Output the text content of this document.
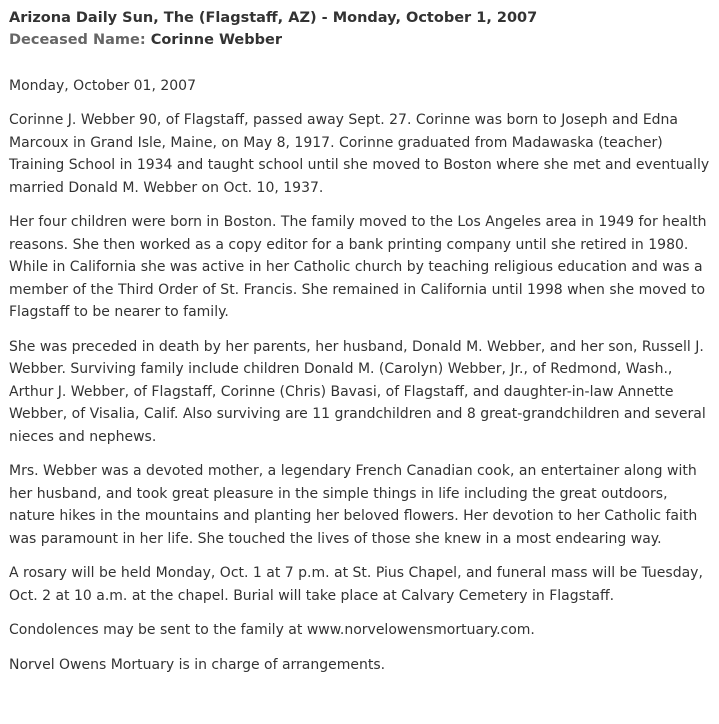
Arizona Daily Sun, The (Flagstaff, AZ) - Monday, October 1, 2007
Deceased Name: Corinne Webber
Monday, October 01, 2007

Corinne J. Webber 90, of Flagstaff, passed away Sept. 27. Corinne was born to Joseph and Edna Marcoux in Grand Isle, Maine, on May 8, 1917. Corinne graduated from Madawaska (teacher) Training School in 1934 and taught school until she moved to Boston where she met and eventually married Donald M. Webber on Oct. 10, 1937.

Her four children were born in Boston. The family moved to the Los Angeles area in 1949 for health reasons. She then worked as a copy editor for a bank printing company until she retired in 1980. While in California she was active in her Catholic church by teaching religious education and was a member of the Third Order of St. Francis. She remained in California until 1998 when she moved to Flagstaff to be nearer to family.

She was preceded in death by her parents, her husband, Donald M. Webber, and her son, Russell J. Webber. Surviving family include children Donald M. (Carolyn) Webber, Jr., of Redmond, Wash., Arthur J. Webber, of Flagstaff, Corinne (Chris) Bavasi, of Flagstaff, and daughter-in-law Annette Webber, of Visalia, Calif. Also surviving are 11 grandchildren and 8 great-grandchildren and several nieces and nephews.

Mrs. Webber was a devoted mother, a legendary French Canadian cook, an entertainer along with her husband, and took great pleasure in the simple things in life including the great outdoors, nature hikes in the mountains and planting her beloved flowers. Her devotion to her Catholic faith was paramount in her life. She touched the lives of those she knew in a most endearing way.

A rosary will be held Monday, Oct. 1 at 7 p.m. at St. Pius Chapel, and funeral mass will be Tuesday, Oct. 2 at 10 a.m. at the chapel. Burial will take place at Calvary Cemetery in Flagstaff.

Condolences may be sent to the family at www.norvelowensmortuary.com.

Norvel Owens Mortuary is in charge of arrangements.
